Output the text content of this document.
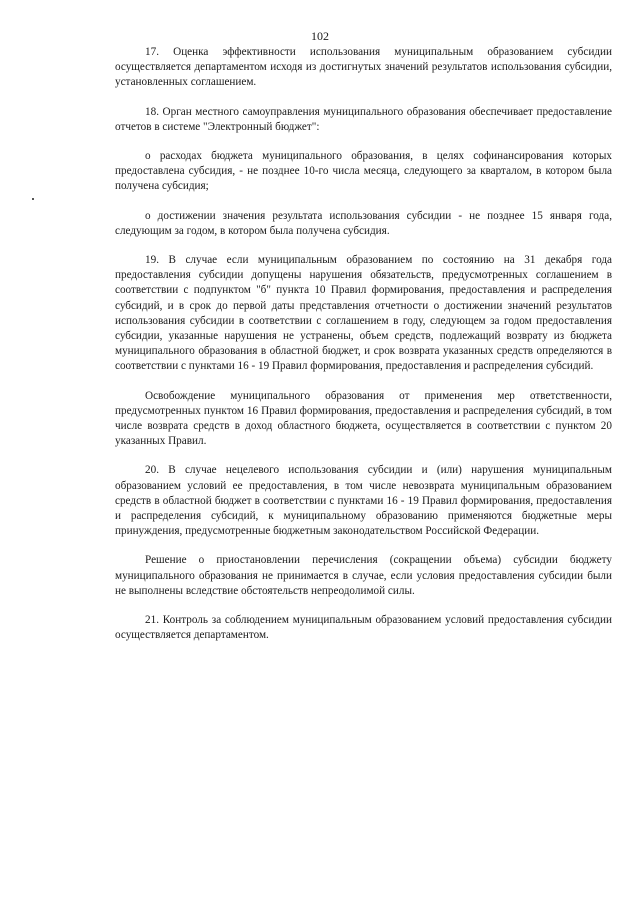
102

17. Оценка эффективности использования муниципальным образованием субсидии осуществляется департаментом исходя из достигнутых значений результатов использования субсидии, установленных соглашением.

18. Орган местного самоуправления муниципального образования обеспечивает предоставление отчетов в системе "Электронный бюджет":

о расходах бюджета муниципального образования, в целях софинансирования которых предоставлена субсидия, - не позднее 10-го числа месяца, следующего за кварталом, в котором была получена субсидия;

о достижении значения результата использования субсидии - не позднее 15 января года, следующим за годом, в котором была получена субсидия.

19. В случае если муниципальным образованием по состоянию на 31 декабря года предоставления субсидии допущены нарушения обязательств, предусмотренных соглашением в соответствии с подпунктом "б" пункта 10 Правил формирования, предоставления и распределения субсидий, и в срок до первой даты представления отчетности о достижении значений результатов использования субсидии в соответствии с соглашением в году, следующем за годом предоставления субсидии, указанные нарушения не устранены, объем средств, подлежащий возврату из бюджета муниципального образования в областной бюджет, и срок возврата указанных средств определяются в соответствии с пунктами 16 - 19 Правил формирования, предоставления и распределения субсидий.

Освобождение муниципального образования от применения мер ответственности, предусмотренных пунктом 16 Правил формирования, предоставления и распределения субсидий, в том числе возврата средств в доход областного бюджета, осуществляется в соответствии с пунктом 20 указанных Правил.

20. В случае нецелевого использования субсидии и (или) нарушения муниципальным образованием условий ее предоставления, в том числе невозврата муниципальным образованием средств в областной бюджет в соответствии с пунктами 16 - 19 Правил формирования, предоставления и распределения субсидий, к муниципальному образованию применяются бюджетные меры принуждения, предусмотренные бюджетным законодательством Российской Федерации.

Решение о приостановлении перечисления (сокращении объема) субсидии бюджету муниципального образования не принимается в случае, если условия предоставления субсидии были не выполнены вследствие обстоятельств непреодолимой силы.

21. Контроль за соблюдением муниципальным образованием условий предоставления субсидии осуществляется департаментом.
